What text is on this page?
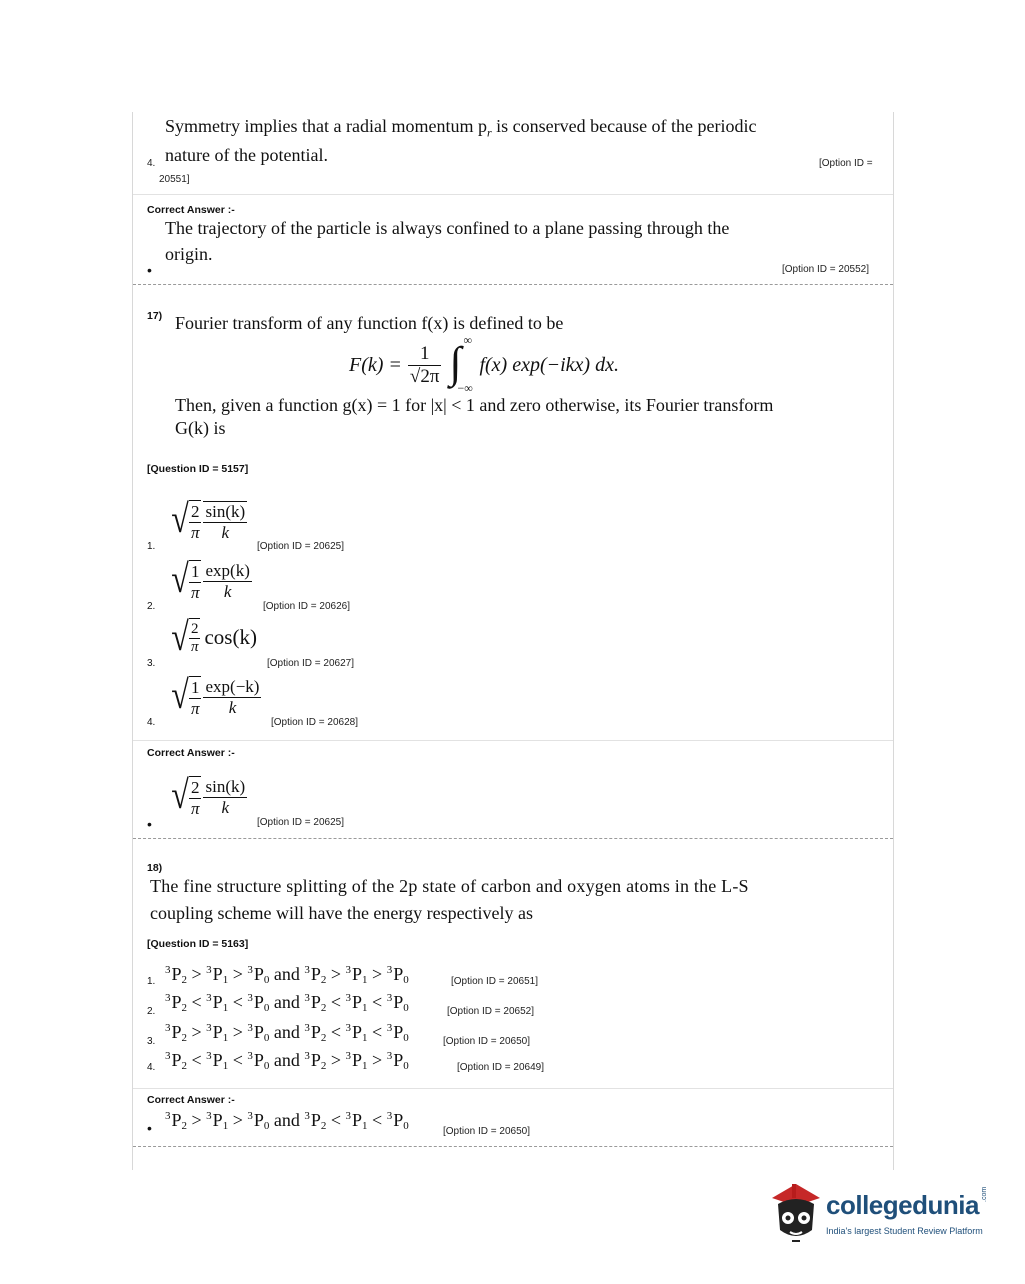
Symmetry implies that a radial momentum $p_r$ is conserved because of the periodic
4. nature of the potential.	[Option ID =
20551]
Correct Answer :-
The trajectory of the particle is always confined to a plane passing through the
origin.
•	[Option ID = 20552]
17) Fourier transform of any function f(x) is defined to be
$F(k) = \frac{1}{√2\pi}$ ∫ ∞
−∞
f(x) exp(−ikx) dx.
Then, given a function g(x) = 1 for |x| < 1 and zero otherwise, its Fourier transform
G(k) is
[Question ID = 5157]
1.
√ $\frac{2}{\pi} \frac{\sin(k)}{k}$
[Option ID = 20625]
2.
√ $\frac{1}{\pi} \frac{\exp(k)}{k}$
[Option ID = 20626]
3.
√ $\frac{2}{\pi} \cos(k)$
[Option ID = 20627]
4.
√ $\frac{1}{\pi} \frac{\exp(-k)}{k}$
[Option ID = 20628]
Correct Answer :-
•
√ $\frac{2}{\pi} \frac{\sin(k)}{k}$
[Option ID = 20625]
18)
The fine structure splitting of the 2p state of carbon and oxygen atoms in the L-S
coupling scheme will have the energy respectively as
[Question ID = 5163]
1.
$^3P_2 > ^3P_1 > ^3P_0$ and $^3P_2 > ^3P_1 > ^3P_0$	[Option ID = 20651]
2.
$^3P_2 < ^3P_1 < ^3P_0$ and $^3P_2 < ^3P_1 < ^3P_0$	[Option ID = 20652]
3.
$^3P_2 > ^3P_1 > ^3P_0$ and $^3P_2 < ^3P_1 < ^3P_0$	[Option ID = 20650]
4.
$^3P_2 < ^3P_1 < ^3P_0$ and $^3P_2 > ^3P_1 > ^3P_0$	[Option ID = 20649]
Correct Answer :-
•
$^3P_2 > ^3P_1 > ^3P_0$ and $^3P_2 < ^3P_1 < ^3P_0$	[Option ID = 20650]
collegedunia .com
India's largest Student Review Platform
